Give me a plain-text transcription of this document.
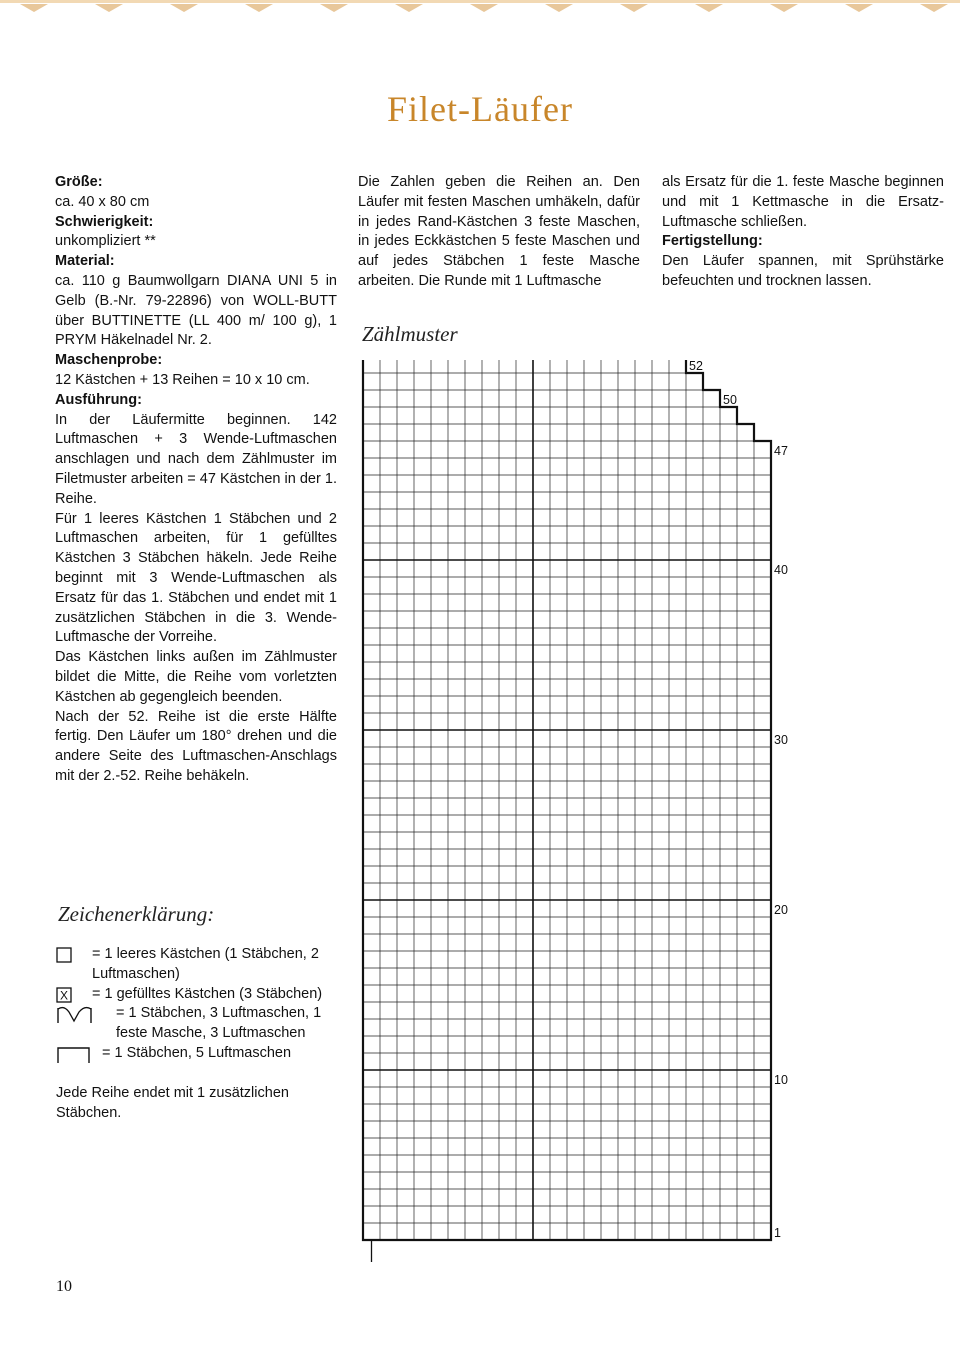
Filet-Läufer
Größe:
ca. 40 x 80 cm
Schwierigkeit:
unkompliziert **
Material:

ca. 110 g Baumwollgarn DIANA UNI 5 in Gelb (B.-Nr. 79-22896) von WOLL-BUTT über BUTTINETTE (LL 400 m/ 100 g), 1 PRYM Häkelnadel Nr. 2.

Maschenprobe:
12 Kästchen + 13 Reihen = 10 x 10 cm.
Ausführung:

In der Läufermitte beginnen. 142 Luftmaschen + 3 Wende-Luftmaschen anschlagen und nach dem Zählmuster im Filetmuster arbeiten = 47 Kästchen in der 1. Reihe.

Für 1 leeres Kästchen 1 Stäbchen und 2 Luftmaschen arbeiten, für 1 gefülltes Kästchen 3 Stäbchen häkeln. Jede Reihe beginnt mit 3 Wende-Luftmaschen als Ersatz für das 1. Stäbchen und endet mit 1 zusätzlichen Stäbchen in die 3. Wende-Luftmasche der Vorreihe.

Das Kästchen links außen im Zählmuster bildet die Mitte, die Reihe vom vorletzten Kästchen ab gegengleich beenden.

Nach der 52. Reihe ist die erste Hälfte fertig. Den Läufer um 180° drehen und die andere Seite des Luftmaschen-Anschlags mit der 2.-52. Reihe behäkeln.

Die Zahlen geben die Reihen an. Den Läufer mit festen Maschen umhäkeln, dafür in jedes Rand-Kästchen 3 feste Maschen, in jedes Eckkästchen 5 feste Maschen und auf jedes Stäbchen 1 feste Masche arbeiten. Die Runde mit 1 Luftmasche

als Ersatz für die 1. feste Masche beginnen und mit 1 Kettmasche in die Ersatz-Luftmasche schließen.

Fertigstellung:

Den Läufer spannen, mit Sprühstärke befeuchten und trocknen lassen.

Zählmuster
52
50
47
40
30
20
10
1
Zeichenerklärung:
= 1 leeres Kästchen (1 Stäbchen, 2 Luftmaschen)
X = 1 gefülltes Kästchen (3 Stäbchen)
= 1 Stäbchen, 3 Luftmaschen, 1 feste Masche, 3 Luftmaschen
= 1 Stäbchen, 5 Luftmaschen
Jede Reihe endet mit 1 zusätzlichen Stäbchen.
10
